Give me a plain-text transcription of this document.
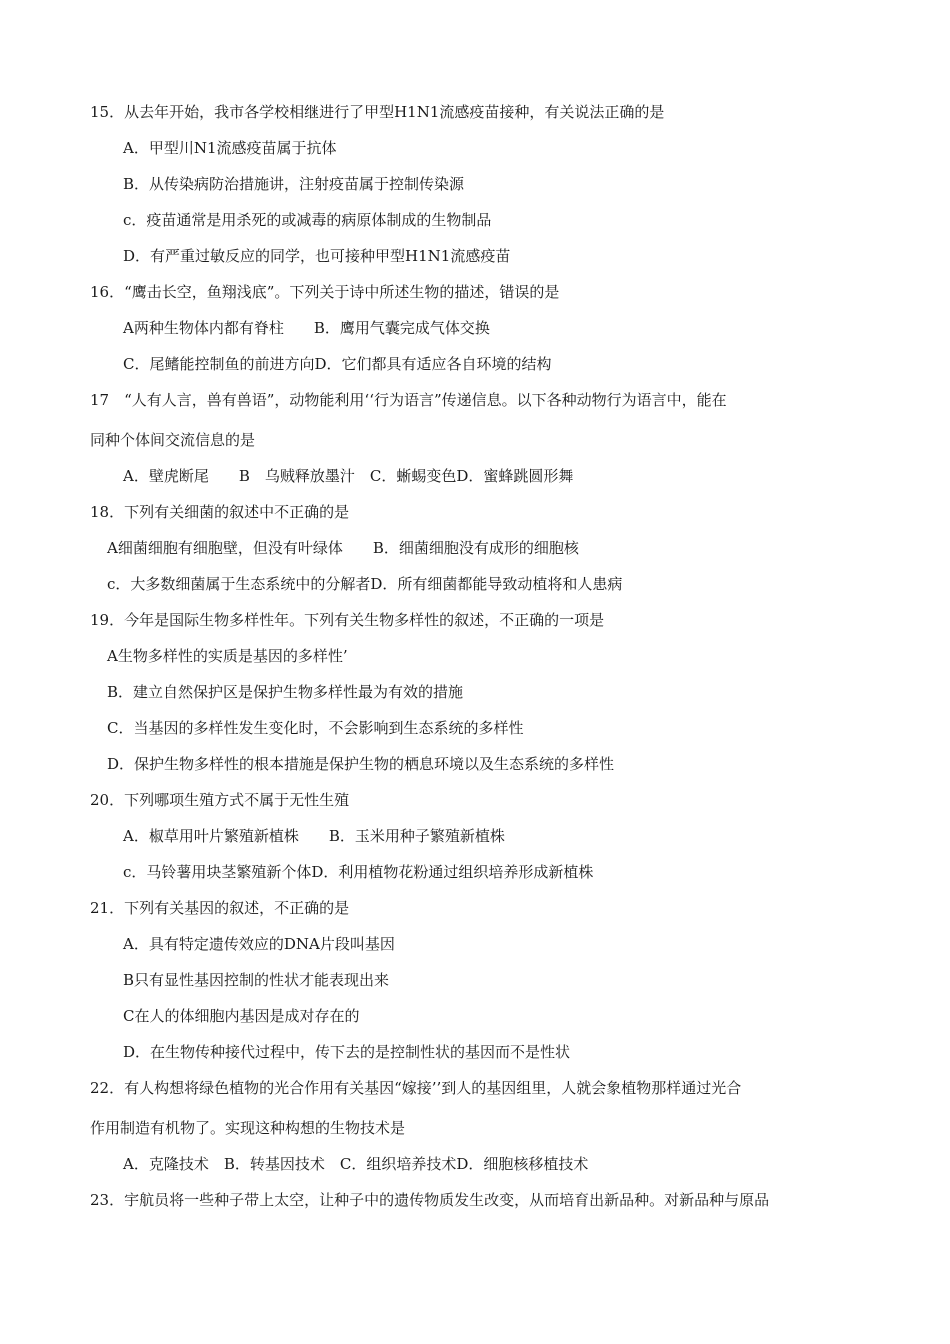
15．从去年开始，我市各学校相继进行了甲型H1N1流感疫苗接种，有关说法正确的是
A．甲型川N1流感疫苗属于抗体
B．从传染病防治措施讲，注射疫苗属于控制传染源
c．疫苗通常是用杀死的或减毒的病原体制成的生物制品
D．有严重过敏反应的同学，也可接种甲型H1N1流感疫苗
16．“鹰击长空，鱼翔浅底”。下列关于诗中所述生物的描述，错误的是
A两种生物体内都有脊柱　　B．鹰用气囊完成气体交换
C．尾鳍能控制鱼的前进方向D．它们都具有适应各自环境的结构
17　“人有人言，兽有兽语”，动物能利用‘‘行为语言”传递信息。以下各种动物行为语言中，能在
同种个体间交流信息的是
A．壁虎断尾　　B　乌贼释放墨汁　C．蜥蜴变色D．蜜蜂跳圆形舞
18．下列有关细菌的叙述中不正确的是
A细菌细胞有细胞壁，但没有叶绿体　　B．细菌细胞没有成形的细胞核
c．大多数细菌属于生态系统中的分解者D．所有细菌都能导致动植将和人患病
19．今年是国际生物多样性年。下列有关生物多样性的叙述，不正确的一项是
A生物多样性的实质是基因的多样性’
B．建立自然保护区是保护生物多样性最为有效的措施
C．当基因的多样性发生变化时，不会影响到生态系统的多样性
D．保护生物多样性的根本措施是保护生物的栖息环境以及生态系统的多样性
20．下列哪项生殖方式不属于无性生殖
A．椒草用叶片繁殖新植株　　B．玉米用种子繁殖新植株
c．马铃薯用块茎繁殖新个体D．利用植物花粉通过组织培养形成新植株
21．下列有关基因的叙述，不正确的是
A．具有特定遗传效应的DNA片段叫基因
B只有显性基因控制的性状才能表现出来
C在人的体细胞内基因是成对存在的
D．在生物传种接代过程中，传下去的是控制性状的基因而不是性状
22．有人构想将绿色植物的光合作用有关基因“嫁接’’到人的基因组里，人就会象植物那样通过光合
作用制造有机物了。实现这种构想的生物技术是
A．克隆技术　B．转基因技术　C．组织培养技术D．细胞核移植技术
23．宇航员将一些种子带上太空，让种子中的遗传物质发生改变，从而培育出新品种。对新品种与原品
